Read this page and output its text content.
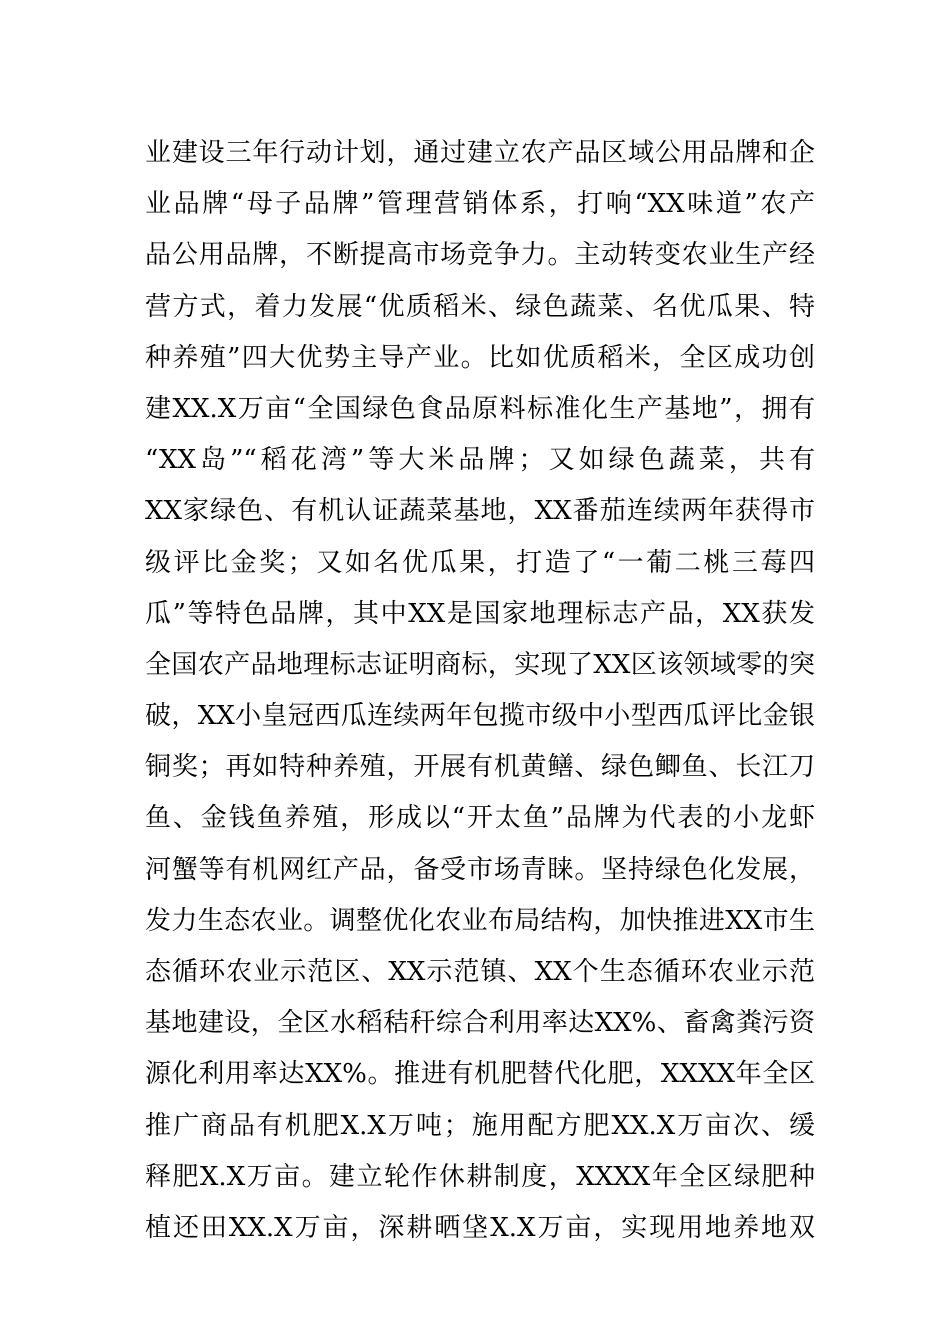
业建设三年行动计划，通过建立农产品区域公用品牌和企
业品牌“母子品牌”管理营销体系，打响“XX味道”农产
品公用品牌，不断提高市场竞争力。主动转变农业生产经
营方式，着力发展“优质稻米、绿色蔬菜、名优瓜果、特
种养殖”四大优势主导产业。比如优质稻米，全区成功创
建XX.X万亩“全国绿色食品原料标准化生产基地”，拥有
“XX岛”“稻花湾”等大米品牌；又如绿色蔬菜，共有
XX家绿色、有机认证蔬菜基地，XX番茄连续两年获得市
级评比金奖；又如名优瓜果，打造了“一葡二桃三莓四
瓜”等特色品牌，其中XX是国家地理标志产品，XX获发
全国农产品地理标志证明商标，实现了XX区该领域零的突
破，XX小皇冠西瓜连续两年包揽市级中小型西瓜评比金银
铜奖；再如特种养殖，开展有机黄鳝、绿色鲫鱼、长江刀
鱼、金钱鱼养殖，形成以“开太鱼”品牌为代表的小龙虾
河蟹等有机网红产品，备受市场青睐。坚持绿色化发展，
发力生态农业。调整优化农业布局结构，加快推进XX市生
态循环农业示范区、XX示范镇、XX个生态循环农业示范
基地建设，全区水稻秸秆综合利用率达XX%、畜禽粪污资
源化利用率达XX%。推进有机肥替代化肥，XXXX年全区
推广商品有机肥X.X万吨；施用配方肥XX.X万亩次、缓
释肥X.X万亩。建立轮作休耕制度，XXXX年全区绿肥种
植还田XX.X万亩，深耕晒垡X.X万亩，实现用地养地双
